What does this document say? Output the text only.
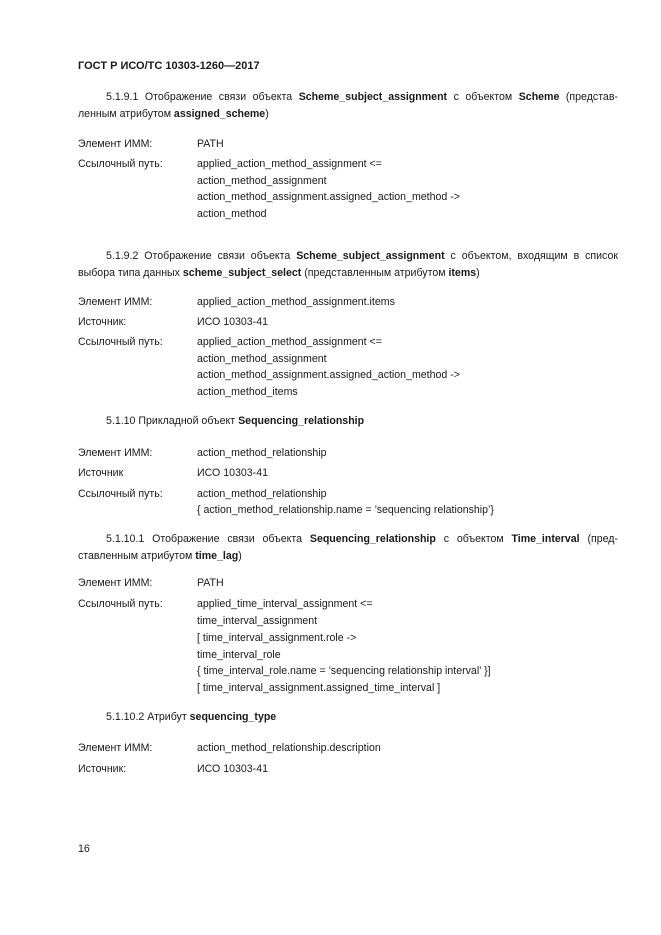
ГОСТ Р ИСО/ТС 10303-1260—2017
5.1.9.1 Отображение связи объекта Scheme_subject_assignment с объектом Scheme (представ-ленным атрибутом assigned_scheme)
Элемент ИММ:	PATH
Ссылочный путь:	applied_action_method_assignment <=
action_method_assignment
action_method_assignment.assigned_action_method ->
action_method
5.1.9.2 Отображение связи объекта Scheme_subject_assignment с объектом, входящим в список выбора типа данных scheme_subject_select (представленным атрибутом items)
Элемент ИММ:	applied_action_method_assignment.items
Источник:	ИСО 10303-41
Ссылочный путь:	applied_action_method_assignment <=
action_method_assignment
action_method_assignment.assigned_action_method ->
action_method_items
5.1.10 Прикладной объект Sequencing_relationship
Элемент ИММ:	action_method_relationship
Источник	ИСО 10303-41
Ссылочный путь:	action_method_relationship
{ action_method_relationship.name = ’sequencing relationship’}
5.1.10.1 Отображение связи объекта Sequencing_relationship с объектом Time_interval (пред-ставленным атрибутом time_lag)
Элемент ИММ:	PATH
Ссылочный путь:	applied_time_interval_assignment <=
time_interval_assignment
[ time_interval_assignment.role ->
time_interval_role
{ time_interval_role.name = ’sequencing relationship interval’ }]
[ time_interval_assignment.assigned_time_interval ]
5.1.10.2 Атрибут sequencing_type
Элемент ИММ:	action_method_relationship.description
Источник:	ИСО 10303-41
16
